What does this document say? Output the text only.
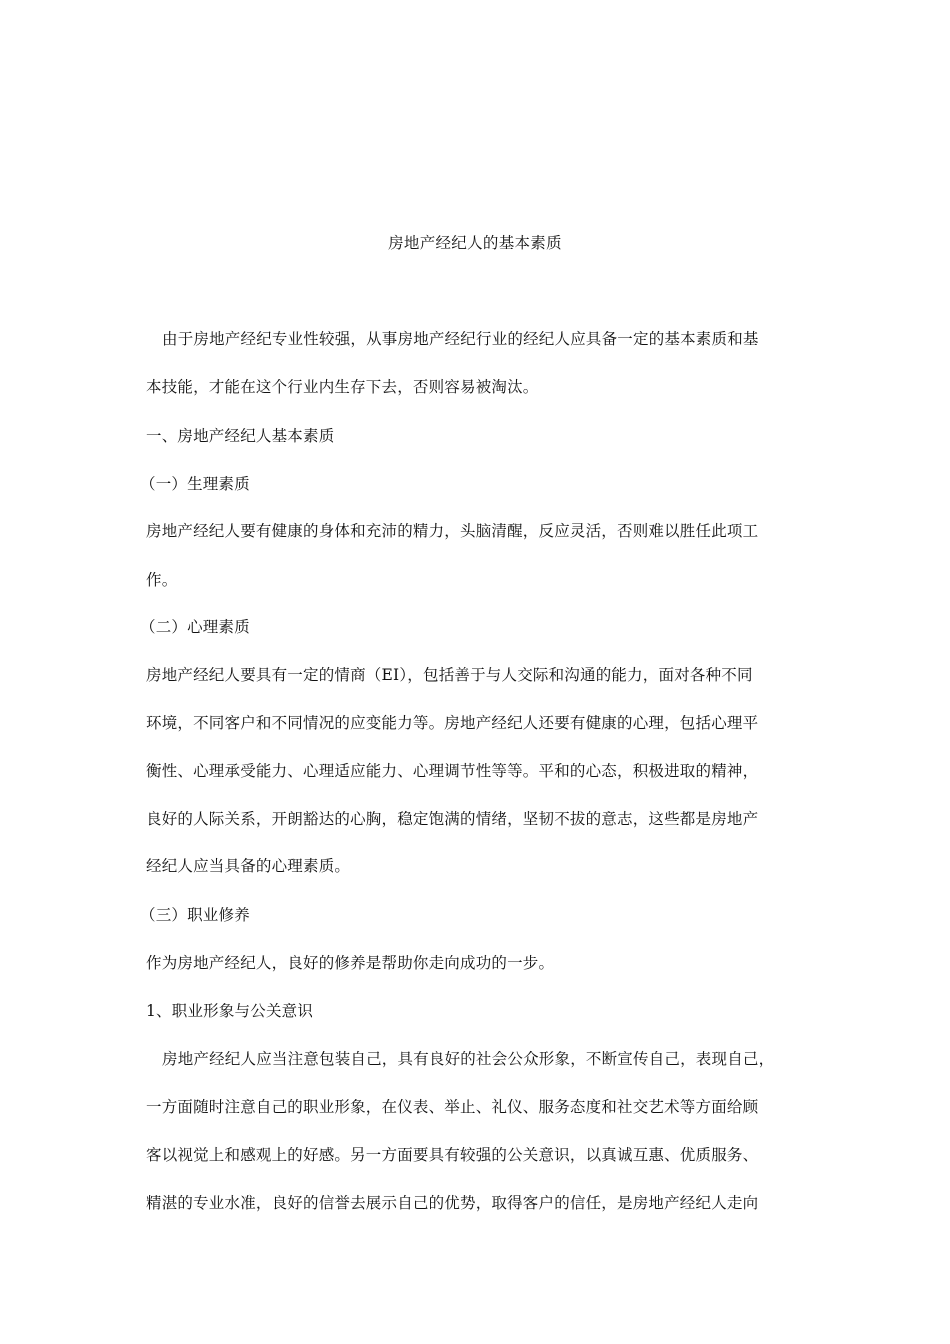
房地产经纪人的基本素质
由于房地产经纪专业性较强，从事房地产经纪行业的经纪人应具备一定的基本素质和基
本技能，才能在这个行业内生存下去，否则容易被淘汰。
一、房地产经纪人基本素质
（一）生理素质
房地产经纪人要有健康的身体和充沛的精力，头脑清醒，反应灵活，否则难以胜任此项工
作。
（二）心理素质
房地产经纪人要具有一定的情商（EI），包括善于与人交际和沟通的能力，面对各种不同
环境，不同客户和不同情况的应变能力等。房地产经纪人还要有健康的心理，包括心理平
衡性、心理承受能力、心理适应能力、心理调节性等等。平和的心态，积极进取的精神，
良好的人际关系，开朗豁达的心胸，稳定饱满的情绪，坚韧不拔的意志，这些都是房地产
经纪人应当具备的心理素质。
（三）职业修养
作为房地产经纪人，良好的修养是帮助你走向成功的一步。
1、职业形象与公关意识
房地产经纪人应当注意包装自己，具有良好的社会公众形象，不断宣传自己，表现自己，
一方面随时注意自己的职业形象，在仪表、举止、礼仪、服务态度和社交艺术等方面给顾
客以视觉上和感观上的好感。另一方面要具有较强的公关意识，以真诚互惠、优质服务、
精湛的专业水准，良好的信誉去展示自己的优势，取得客户的信任，是房地产经纪人走向
